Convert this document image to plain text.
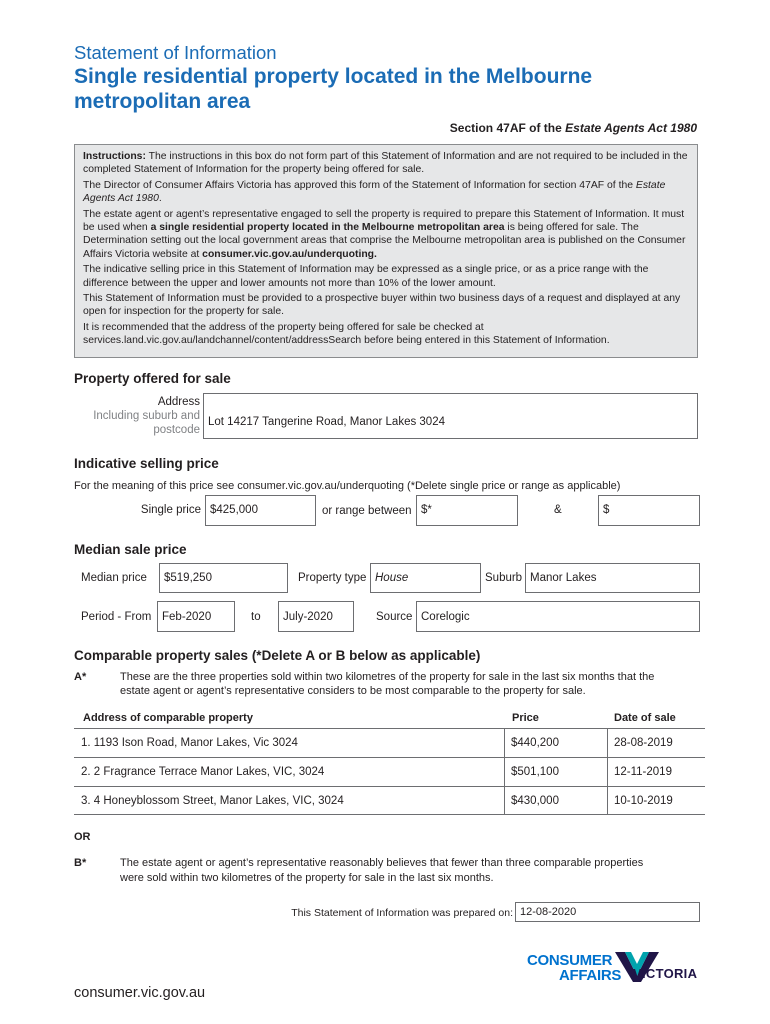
Statement of Information
Single residential property located in the Melbourne
metropolitan area
Section 47AF of the Estate Agents Act 1980

Instructions: The instructions in this box do not form part of this Statement of Information and are not required to be included in the completed Statement of Information for the property being offered for sale.

The Director of Consumer Affairs Victoria has approved this form of the Statement of Information for section 47AF of the Estate Agents Act 1980.

The estate agent or agent’s representative engaged to sell the property is required to prepare this Statement of Information. It must be used when a single residential property located in the Melbourne metropolitan area is being offered for sale. The Determination setting out the local government areas that comprise the Melbourne metropolitan area is published on the Consumer Affairs Victoria website at consumer.vic.gov.au/underquoting.

The indicative selling price in this Statement of Information may be expressed as a single price, or as a price range with the difference between the upper and lower amounts not more than 10% of the lower amount.

This Statement of Information must be provided to a prospective buyer within two business days of a request and displayed at any open for inspection for the property for sale.

It is recommended that the address of the property being offered for sale be checked at
services.land.vic.gov.au/landchannel/content/addressSearch before being entered in this Statement of Information.

Property offered for sale
Address
Including suburb and
postcode
Lot 14217 Tangerine Road, Manor Lakes 3024
Indicative selling price
For the meaning of this price see consumer.vic.gov.au/underquoting (*Delete single price or range as applicable)
Single price $425,000	or range between $*	&	$
Median sale price
Median price $519,250	Property type House	Suburb Manor Lakes
Period - From Feb-2020	to July-2020	Source Corelogic
Comparable property sales (*Delete A or B below as applicable)
A*	These are the three properties sold within two kilometres of the property for sale in the last six months that the
estate agent or agent’s representative considers to be most comparable to the property for sale.
Address of comparable property	Price	Date of sale
1. 1193 Ison Road, Manor Lakes, Vic 3024	$440,200	28-08-2019
2. 2 Fragrance Terrace Manor Lakes, VIC, 3024	$501,100	12-11-2019
3. 4 Honeyblossom Street, Manor Lakes, VIC, 3024	$430,000	10-10-2019
OR
B*	The estate agent or agent’s representative reasonably believes that fewer than three comparable properties
were sold within two kilometres of the property for sale in the last six months.
This Statement of Information was prepared on: 12-08-2020
CONSUMER
AFFAIRS VICTORIA
consumer.vic.gov.au
